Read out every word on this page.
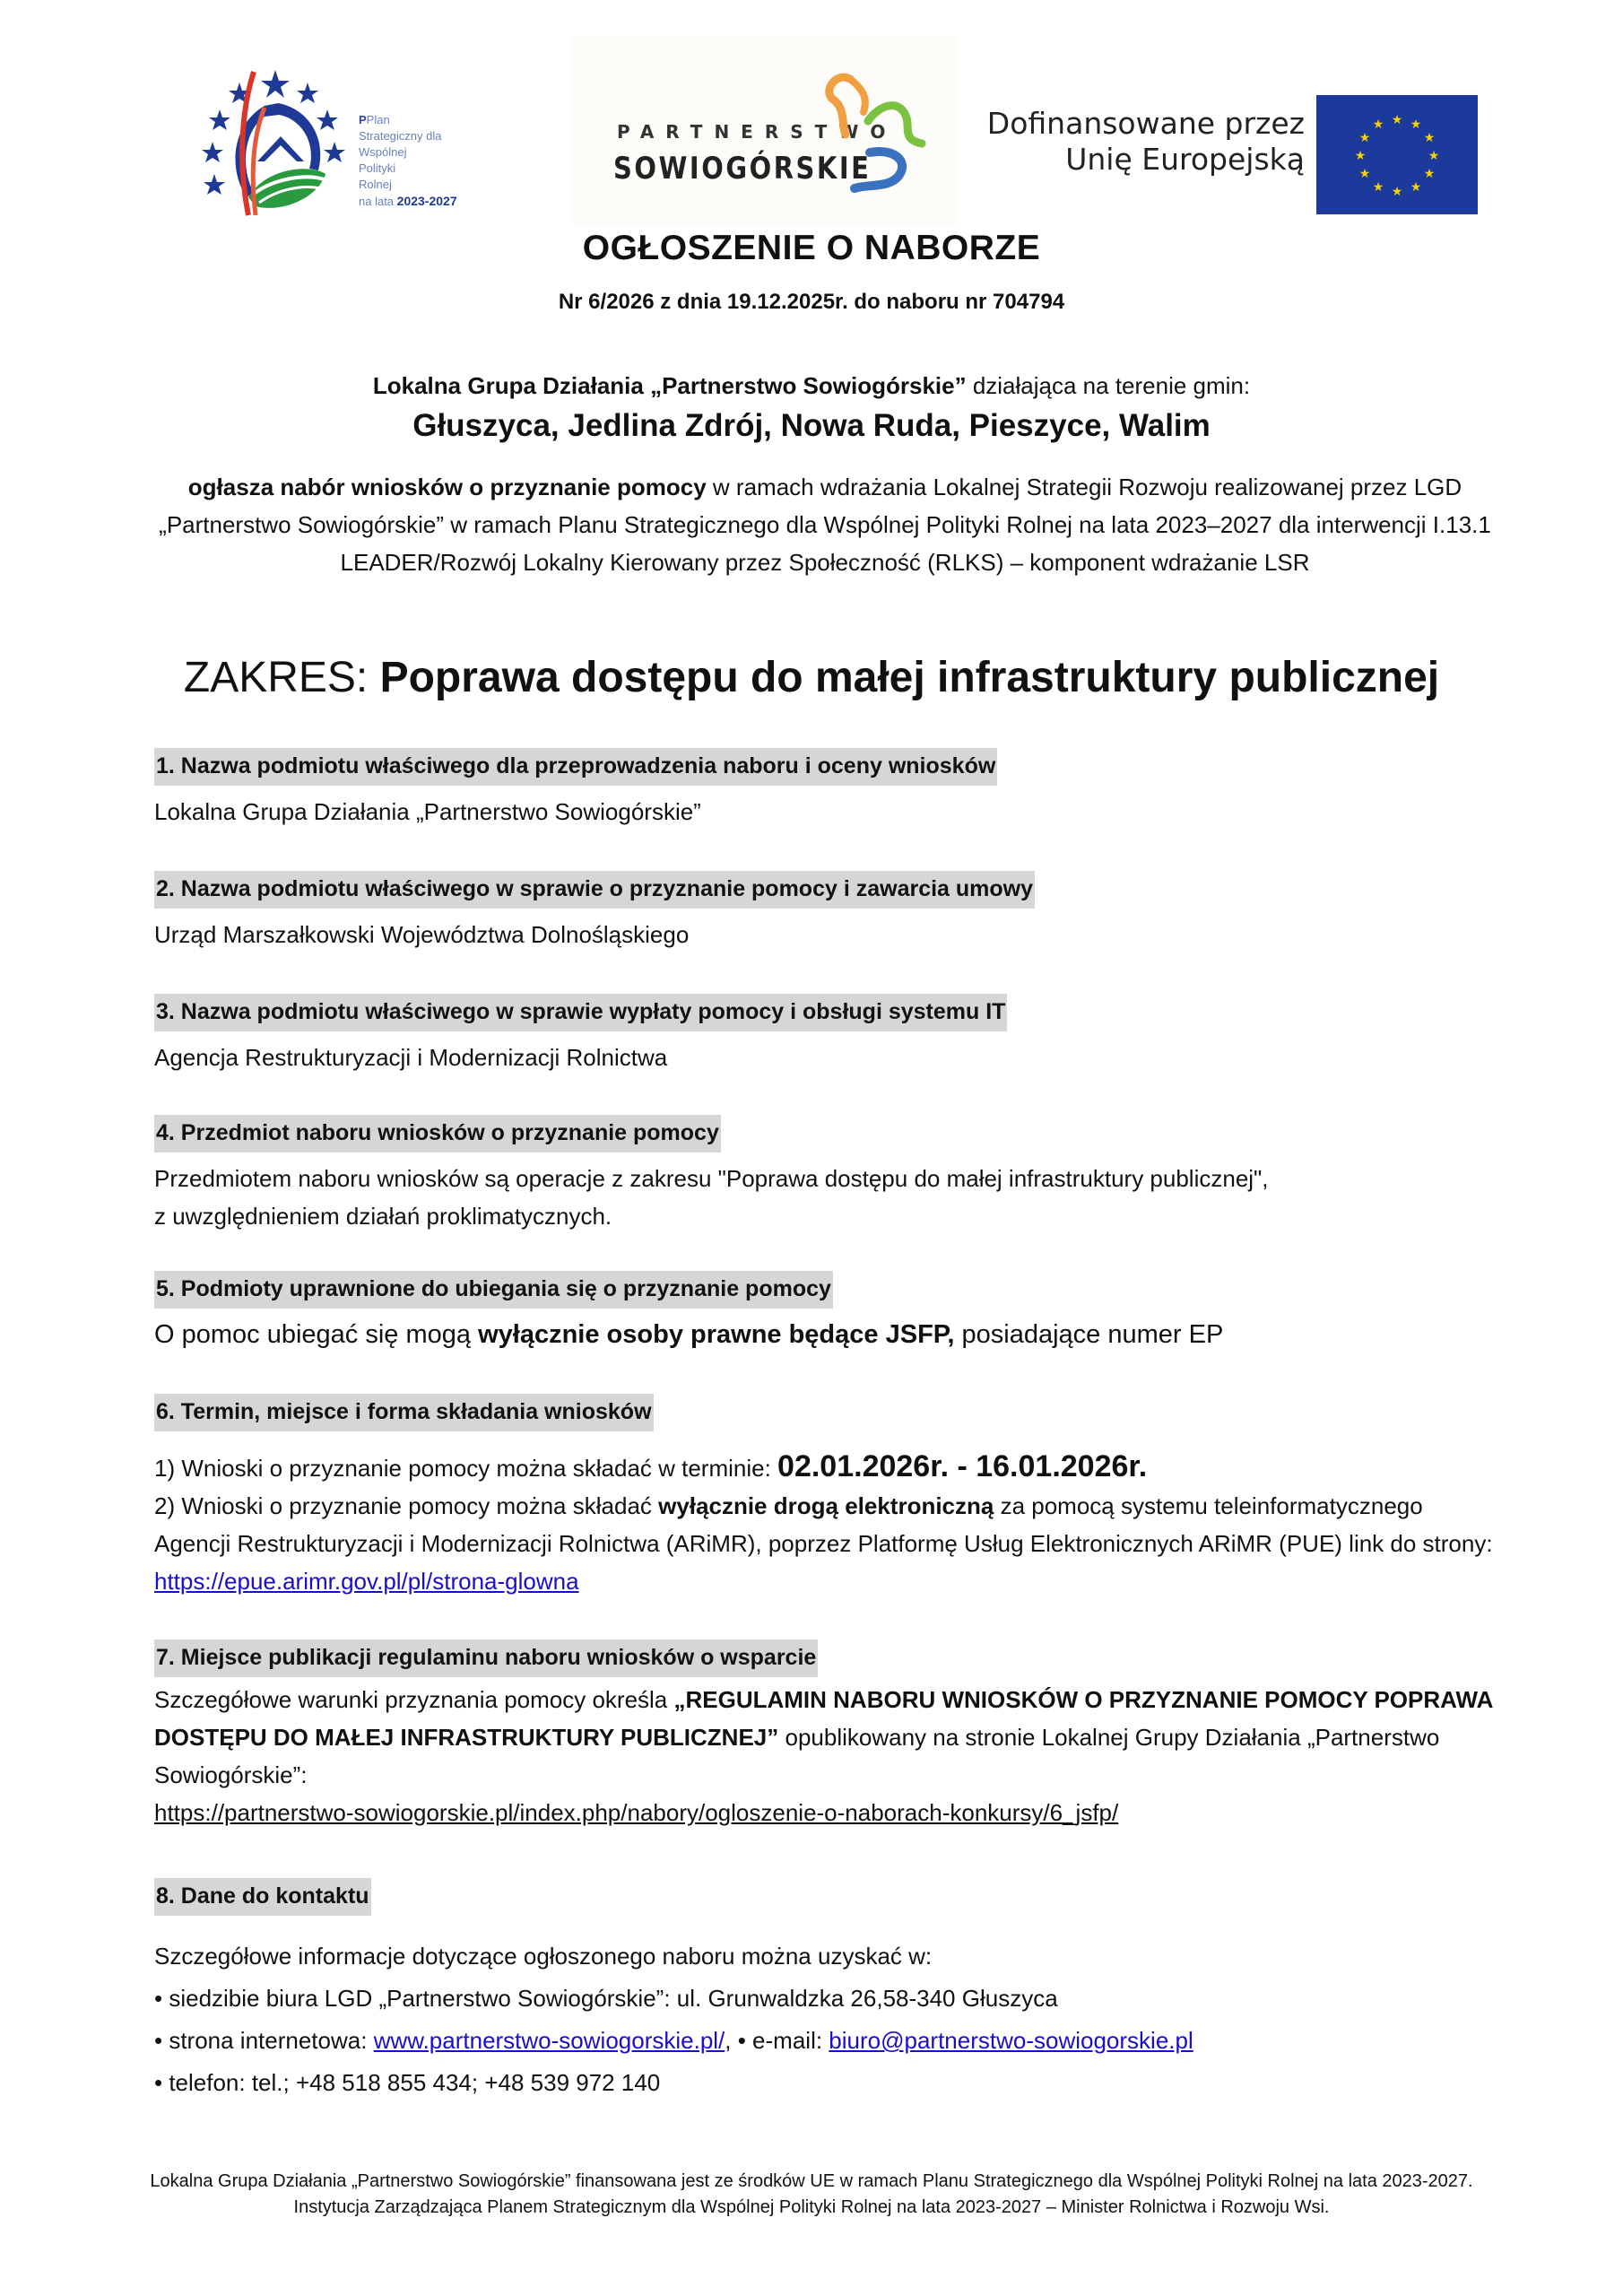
PPlan
Strategiczny dla
Wspólnej
Polityki
Rolnej
na lata 2023-2027
PARTNERSTWO
SOWIOGÓRSKIE
Dofinansowane przez
Unię Europejską
★ ★
★
★
★
★
★
★
★
★
★
★
OGŁOSZENIE O NABORZE
Nr 6/2026 z dnia 19.12.2025r. do naboru nr 704794
Lokalna Grupa Działania „Partnerstwo Sowiogórskie” działająca na terenie gmin:
Głuszyca, Jedlina Zdrój, Nowa Ruda, Pieszyce, Walim
ogłasza nabór wniosków o przyznanie pomocy w ramach wdrażania Lokalnej Strategii Rozwoju realizowanej przez LGD „Partnerstwo Sowiogórskie” w ramach Planu Strategicznego dla Wspólnej Polityki Rolnej na lata 2023–2027 dla interwencji I.13.1 LEADER/Rozwój Lokalny Kierowany przez Społeczność (RLKS) – komponent wdrażanie LSR
ZAKRES: Poprawa dostępu do małej infrastruktury publicznej
1. Nazwa podmiotu właściwego dla przeprowadzenia naboru i oceny wniosków
Lokalna Grupa Działania „Partnerstwo Sowiogórskie”
2. Nazwa podmiotu właściwego w sprawie o przyznanie pomocy i zawarcia umowy
Urząd Marszałkowski Województwa Dolnośląskiego
3. Nazwa podmiotu właściwego w sprawie wypłaty pomocy i obsługi systemu IT
Agencja Restrukturyzacji i Modernizacji Rolnictwa
4. Przedmiot naboru wniosków o przyznanie pomocy
Przedmiotem naboru wniosków są operacje z zakresu "Poprawa dostępu do małej infrastruktury publicznej",
z uwzględnieniem działań proklimatycznych.
5. Podmioty uprawnione do ubiegania się o przyznanie pomocy
O pomoc ubiegać się mogą wyłącznie osoby prawne będące JSFP, posiadające numer EP
6. Termin, miejsce i forma składania wniosków
1) Wnioski o przyznanie pomocy można składać w terminie: 02.01.2026r. - 16.01.2026r.
2) Wnioski o przyznanie pomocy można składać wyłącznie drogą elektroniczną za pomocą systemu teleinformatycznego Agencji Restrukturyzacji i Modernizacji Rolnictwa (ARiMR), poprzez Platformę Usług Elektronicznych ARiMR (PUE) link do strony: https://epue.arimr.gov.pl/pl/strona-glowna
7. Miejsce publikacji regulaminu naboru wniosków o wsparcie
Szczegółowe warunki przyznania pomocy określa „REGULAMIN NABORU WNIOSKÓW O PRZYZNANIE POMOCY POPRAWA DOSTĘPU DO MAŁEJ INFRASTRUKTURY PUBLICZNEJ” opublikowany na stronie Lokalnej Grupy Działania „Partnerstwo Sowiogórskie”:
https://partnerstwo-sowiogorskie.pl/index.php/nabory/ogloszenie-o-naborach-konkursy/6_jsfp/
8. Dane do kontaktu
Szczegółowe informacje dotyczące ogłoszonego naboru można uzyskać w:
• siedzibie biura LGD „Partnerstwo Sowiogórskie”: ul. Grunwaldzka 26,58-340 Głuszyca
• strona internetowa: www.partnerstwo-sowiogorskie.pl/, • e-mail: biuro@partnerstwo-sowiogorskie.pl
• telefon: tel.; +48 518 855 434; +48 539 972 140
Lokalna Grupa Działania „Partnerstwo Sowiogórskie” finansowana jest ze środków UE w ramach Planu Strategicznego dla Wspólnej Polityki Rolnej na lata 2023-2027. Instytucja Zarządzająca Planem Strategicznym dla Wspólnej Polityki Rolnej na lata 2023-2027 – Minister Rolnictwa i Rozwoju Wsi.
